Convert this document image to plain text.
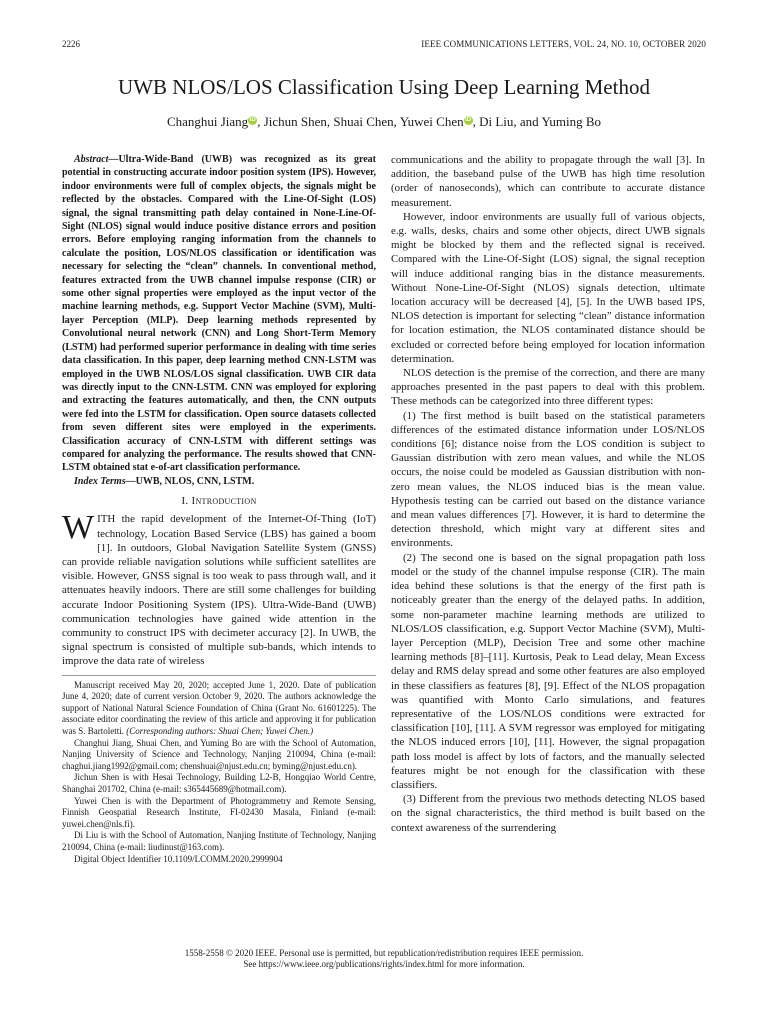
2226	IEEE COMMUNICATIONS LETTERS, VOL. 24, NO. 10, OCTOBER 2020
UWB NLOS/LOS Classification Using Deep Learning Method
Changhui Jiang iD , Jichun Shen, Shuai Chen, Yuwei Chen iD , Di Liu, and Yuming Bo

Abstract—Ultra-Wide-Band (UWB) was recognized as its great potential in constructing accurate indoor position system (IPS). However, indoor environments were full of complex objects, the signals might be reflected by the obstacles. Compared with the Line-Of-Sight (LOS) signal, the signal transmitting path delay contained in None-Line-Of-Sight (NLOS) signal would induce positive distance errors and position errors. Before employing ranging information from the channels to calculate the position, LOS/NLOS classification or identification was necessary for selecting the “clean” channels. In conventional method, features extracted from the UWB channel impulse response (CIR) or some other signal properties were employed as the input vector of the machine learning methods, e.g. Support Vector Machine (SVM), Multi-layer Perception (MLP). Deep learning methods represented by Convolutional neural network (CNN) and Long Short-Term Memory (LSTM) had performed superior performance in dealing with time series data classification. In this paper, deep learning method CNN-LSTM was employed in the UWB NLOS/LOS signal classification. UWB CIR data was directly input to the CNN-LSTM. CNN was employed for exploring and extracting the features automatically, and then, the CNN outputs were fed into the LSTM for classification. Open source datasets collected from seven different sites were employed in the experiments. Classification accuracy of CNN-LSTM with different settings was compared for analyzing the performance. The results showed that CNN-LSTM obtained stat e-of-art classification performance.

Index Terms—UWB, NLOS, CNN, LSTM.

I. Introduction

WITH the rapid development of the Internet-Of-Thing (IoT) technology, Location Based Service (LBS) has gained a boom [1]. In outdoors, Global Navigation Satellite System (GNSS) can provide reliable navigation solutions while sufficient satellites are visible. However, GNSS signal is too weak to pass through wall, and it attenuates heavily indoors. There are still some challenges for building accurate Indoor Positioning System (IPS). Ultra-Wide-Band (UWB) communication technologies have gained wide attention in the community to construct IPS with decimeter accuracy [2]. In UWB, the signal spectrum is consisted of multiple sub-bands, which intends to improve the data rate of wireless

Manuscript received May 20, 2020; accepted June 1, 2020. Date of publication June 4, 2020; date of current version October 9, 2020. The authors acknowledge the support of National Natural Science Foundation of China (Grant No. 61601225). The associate editor coordinating the review of this article and approving it for publication was S. Bartoletti. (Corresponding authors: Shuai Chen; Yuwei Chen.)

Changhui Jiang, Shuai Chen, and Yuming Bo are with the School of Automation, Nanjing University of Science and Technology, Nanjing 210094, China (e-mail: chaghui.jiang1992@gmail.com; chenshuai@njust.edu.cn; byming@njust.edu.cn).

Jichun Shen is with Hesai Technology, Building L2-B, Hongqiao World Centre, Shanghai 201702, China (e-mail: s365445689@hotmail.com).

Yuwei Chen is with the Department of Photogrammetry and Remote Sensing, Finnish Geospatial Research Institute, FI-02430 Masala, Finland (e-mail: yuwei.chen@nls.fi).

Di Liu is with the School of Automation, Nanjing Institute of Technology, Nanjing 210094, China (e-mail: liudinust@163.com).

Digital Object Identifier 10.1109/LCOMM.2020.2999904

communications and the ability to propagate through the wall [3]. In addition, the baseband pulse of the UWB has high time resolution (order of nanoseconds), which can contribute to accurate distance measurement.

However, indoor environments are usually full of various objects, e.g. walls, desks, chairs and some other objects, direct UWB signals might be blocked by them and the reflected signal is received. Compared with the Line-Of-Sight (LOS) signal, the signal reception will induce additional ranging bias in the distance measurements. Without None-Line-Of-Sight (NLOS) signals detection, ultimate location accuracy will be decreased [4], [5]. In the UWB based IPS, NLOS detection is important for selecting “clean” distance information for location estimation, the NLOS contaminated distance should be excluded or corrected before being employed for location information determination.

NLOS detection is the premise of the correction, and there are many approaches presented in the past papers to deal with this problem. These methods can be categorized into three different types:

(1) The first method is built based on the statistical parameters differences of the estimated distance information under LOS/NLOS conditions [6]; distance noise from the LOS condition is subject to Gaussian distribution with zero mean values, and while the NLOS occurs, the noise could be modeled as Gaussian distribution with non-zero mean values, the NLOS induced bias is the mean value. Hypothesis testing can be carried out based on the distance variance and mean values differences [7]. However, it is hard to determine the detection threshold, which might vary at different sites and environments.

(2) The second one is based on the signal propagation path loss model or the study of the channel impulse response (CIR). The main idea behind these solutions is that the energy of the first path is noticeably greater than the energy of the delayed paths. In addition, some non-parameter machine learning methods are utilized to NLOS/LOS classification, e.g. Support Vector Machine (SVM), Multi-layer Perception (MLP), Decision Tree and some other machine learning methods [8]–[11]. Kurtosis, Peak to Lead delay, Mean Excess delay and RMS delay spread and some other features are also employed in these classifiers as features [8], [9]. Effect of the NLOS propagation was quantified with Monto Carlo simulations, and features representative of the LOS/NLOS conditions were extracted for classification [10], [11]. A SVM regressor was employed for mitigating the NLOS induced errors [10], [11]. However, the signal propagation path loss model is affect by lots of factors, and the manually selected features might be not enough for the classification with these classifiers.

(3) Different from the previous two methods detecting NLOS based on the signal characteristics, the third method is built based on the context awareness of the surrendering

1558-2558 © 2020 IEEE. Personal use is permitted, but republication/redistribution requires IEEE permission.
See https://www.ieee.org/publications/rights/index.html for more information.
